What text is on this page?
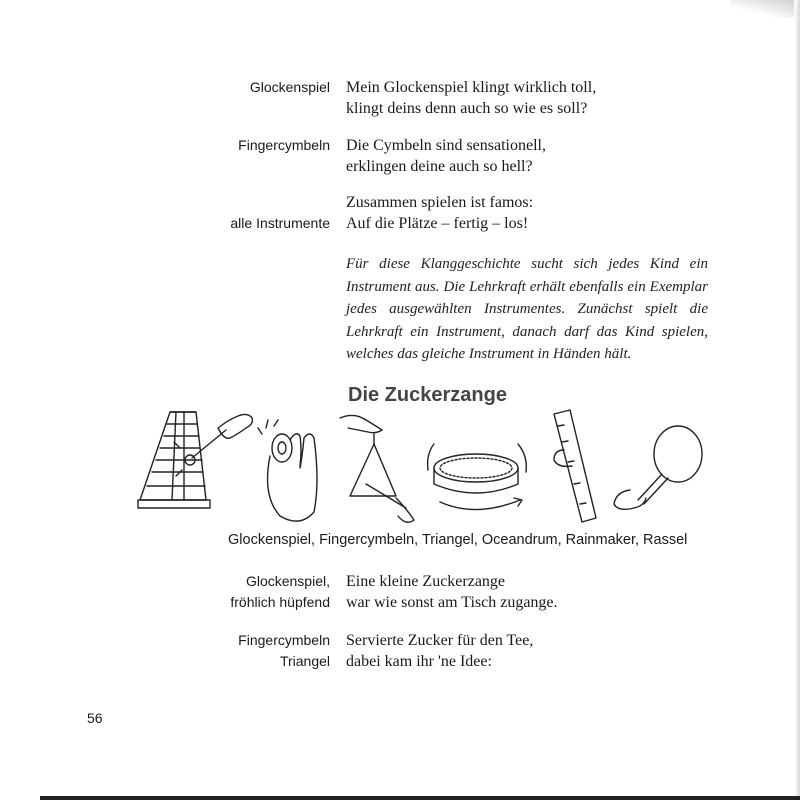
Glockenspiel Mein Glockenspiel klingt wirklich toll,
klingt deins denn auch so wie es soll?
Fingercymbeln Die Cymbeln sind sensationell,
erklingen deine auch so hell?
alle Instrumente
Zusammen spielen ist famos:
Auf die Plätze – fertig – los!
Für diese Klanggeschichte sucht sich jedes Kind ein Instrument aus. Die Lehrkraft erhält ebenfalls ein Exemplar jedes ausgewählten Instrumentes. Zunächst spielt die Lehrkraft ein Instrument, danach darf das Kind spielen, welches das gleiche Instrument in Händen hält.
Die Zuckerzange
Glockenspiel, Fingercymbeln, Triangel, Oceandrum, Rainmaker, Rassel
Glockenspiel,
fröhlich hüpfend
Eine kleine Zuckerzange
war wie sonst am Tisch zugange.
Fingercymbeln
Triangel
Servierte Zucker für den Tee,
dabei kam ihr 'ne Idee:
56
